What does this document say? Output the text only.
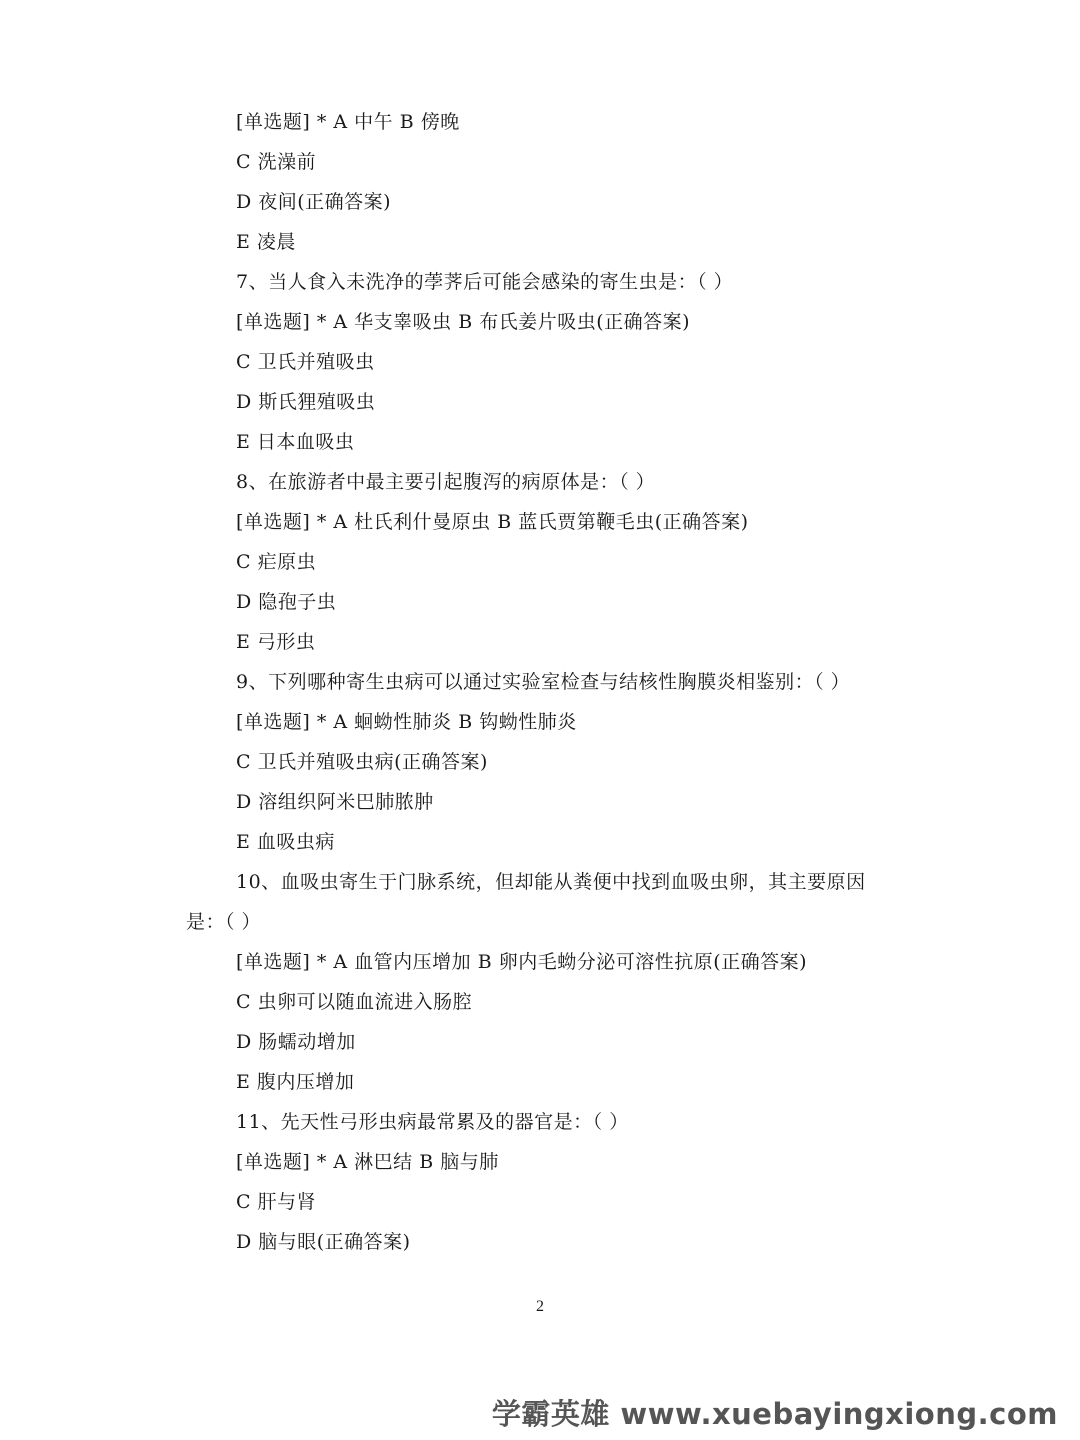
[单选题] * A 中午 B 傍晚
C 洗澡前
D 夜间(正确答案)
E 凌晨
7、当人食入未洗净的荸荠后可能会感染的寄生虫是：（ ）
[单选题] * A 华支睾吸虫 B 布氏姜片吸虫(正确答案)
C 卫氏并殖吸虫
D 斯氏狸殖吸虫
E 日本血吸虫
8、在旅游者中最主要引起腹泻的病原体是：（ ）
[单选题] * A 杜氏利什曼原虫 B 蓝氏贾第鞭毛虫(正确答案)
C 疟原虫
D 隐孢子虫
E 弓形虫
9、下列哪种寄生虫病可以通过实验室检查与结核性胸膜炎相鉴别：（ ）
[单选题] * A 蛔蚴性肺炎 B 钩蚴性肺炎
C 卫氏并殖吸虫病(正确答案)
D 溶组织阿米巴肺脓肿
E 血吸虫病
10、血吸虫寄生于门脉系统，但却能从粪便中找到血吸虫卵，其主要原因
是：（ ）
[单选题] * A 血管内压增加 B 卵内毛蚴分泌可溶性抗原(正确答案)
C 虫卵可以随血流进入肠腔
D 肠蠕动增加
E 腹内压增加
11、先天性弓形虫病最常累及的器官是：（ ）
[单选题] * A 淋巴结 B 脑与肺
C 肝与肾
D 脑与眼(正确答案)
2
学霸英雄 www.xuebayingxiong.com
